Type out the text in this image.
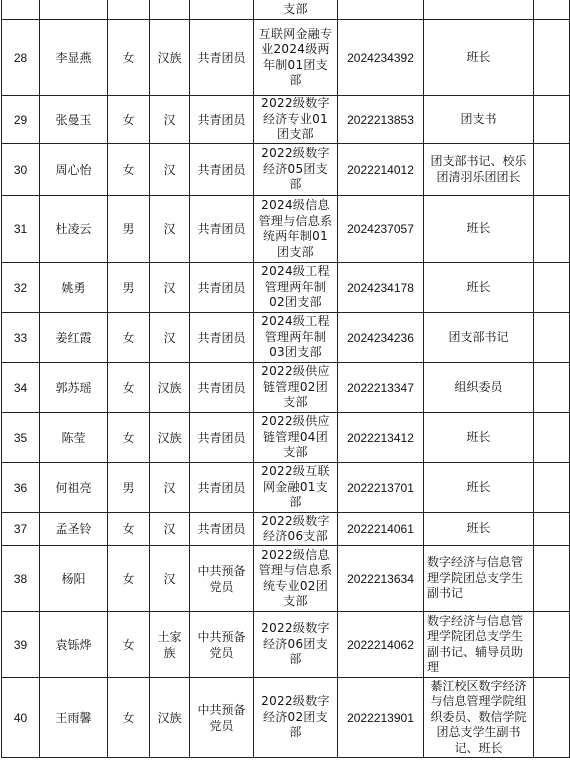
					支部			
28	李显燕	女	汉族	共青团员	互联网金融专业2024级两年制01团支部	2024234392	班长	
29	张曼玉	女	汉	共青团员	2022级数字经济专业01团支部	2022213853	团支书	
30	周心怡	女	汉	共青团员	2022级数字经济05团支部	2022214012	团支部书记、校乐团清羽乐团团长	
31	杜凌云	男	汉	共青团员	2024级信息管理与信息系统两年制01团支部	2024237057	班长	
32	姚勇	男	汉	共青团员	2024级工程管理两年制02团支部	2024234178	班长	
33	姜红霞	女	汉	共青团员	2024级工程管理两年制03团支部	2024234236	团支部书记	
34	郭苏瑶	女	汉族	共青团员	2022级供应链管理02团支部	2022213347	组织委员	
35	陈莹	女	汉族	共青团员	2022级供应链管理04团支部	2022213412	班长	
36	何祖亮	男	汉	共青团员	2022级互联网金融01支部	2022213701	班长	
37	孟圣铃	女	汉	共青团员	2022级数字经济06支部	2022214061	班长	
38	杨阳	女	汉	中共预备党员	2022级信息管理与信息系统专业02团支部	2022213634	数字经济与信息管理学院团总支学生副书记	
39	袁铄烨	女	土家族	中共预备党员	2022级数字经济06团支部	2022214062	数字经济与信息管理学院团总支学生副书记、辅导员助理	
40	王雨馨	女	汉族	中共预备党员	2022级数字经济02团支部	2022213901	綦江校区数字经济与信息管理学院组织委员、数信学院团总支学生副书记、班长	
